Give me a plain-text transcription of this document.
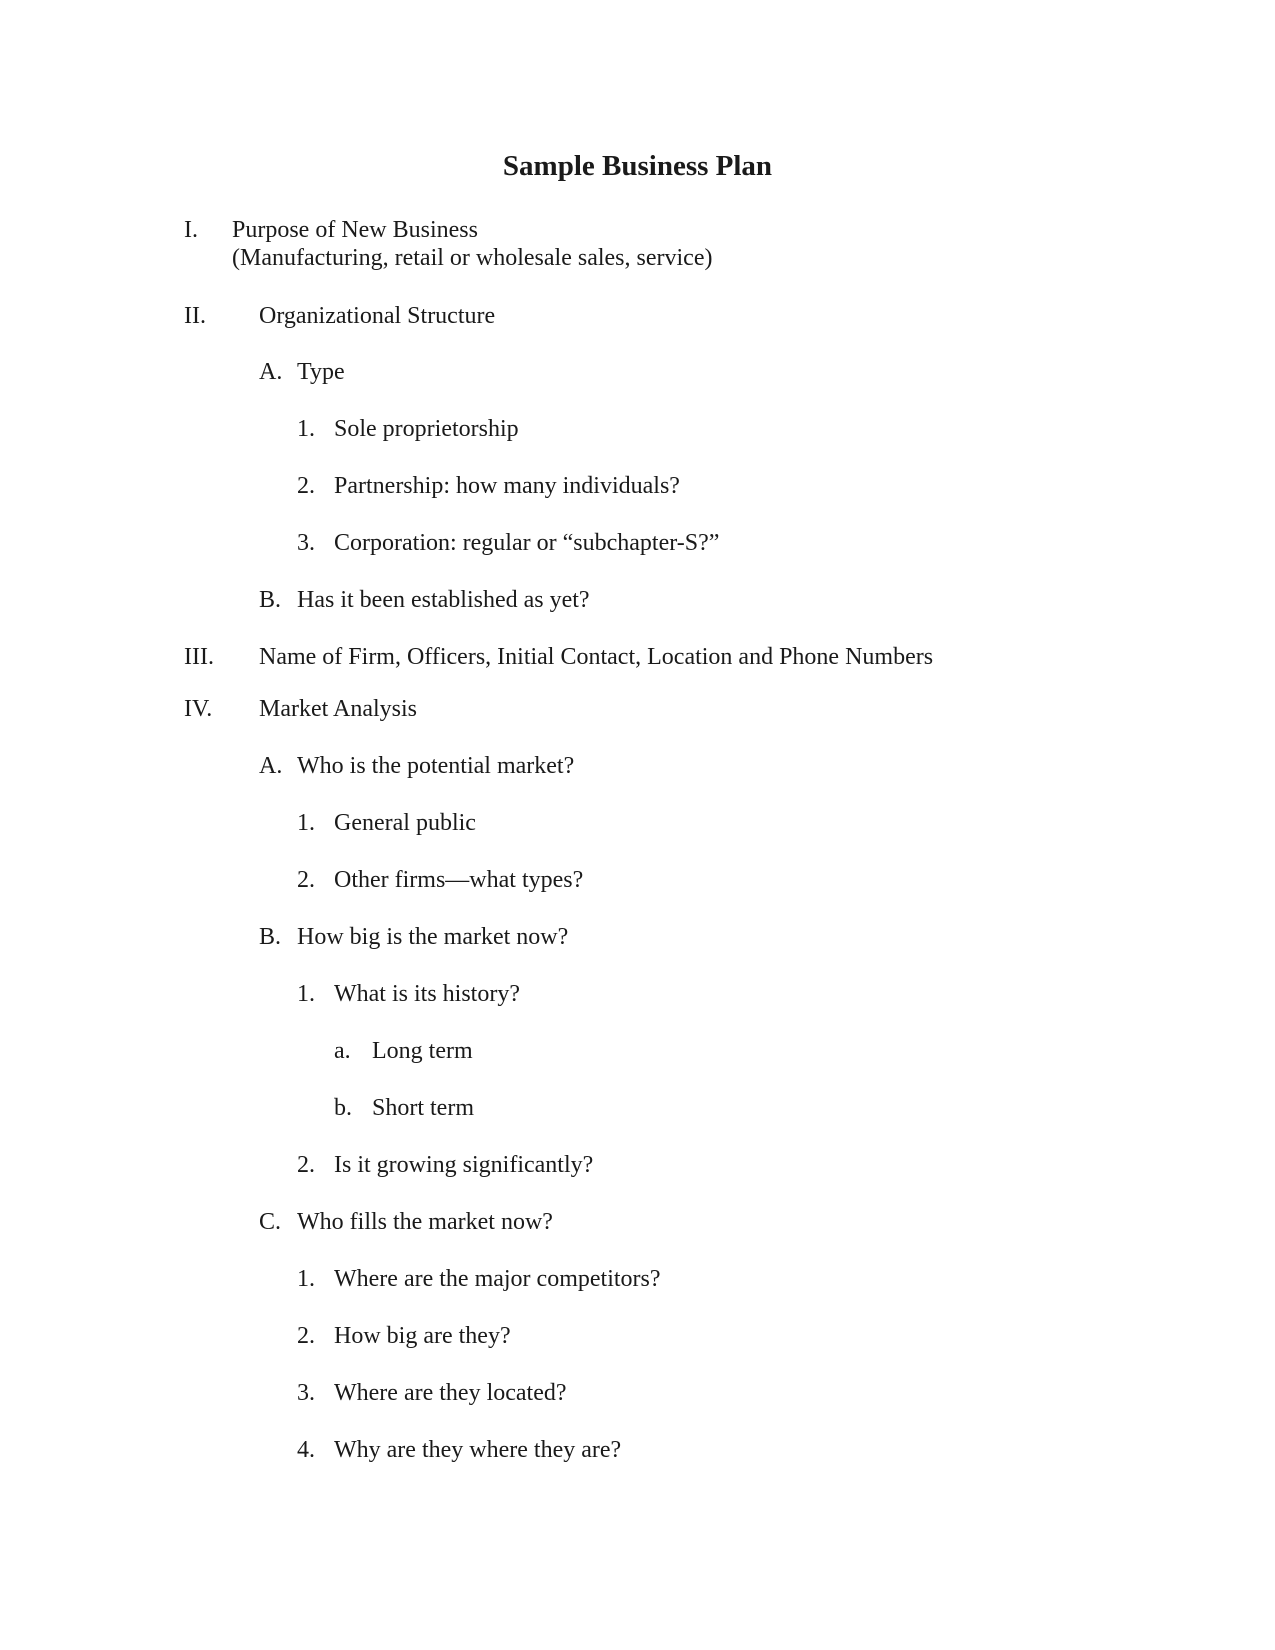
Sample Business Plan
I. Purpose of New Business
(Manufacturing, retail or wholesale sales, service)
II. Organizational Structure
A. Type
1. Sole proprietorship
2. Partnership: how many individuals?
3. Corporation: regular or “subchapter-S?”
B. Has it been established as yet?
III. Name of Firm, Officers, Initial Contact, Location and Phone Numbers
IV. Market Analysis
A. Who is the potential market?
1. General public
2. Other firms—what types?
B. How big is the market now?
1. What is its history?
a. Long term
b. Short term
2. Is it growing significantly?
C. Who fills the market now?
1. Where are the major competitors?
2. How big are they?
3. Where are they located?
4. Why are they where they are?
